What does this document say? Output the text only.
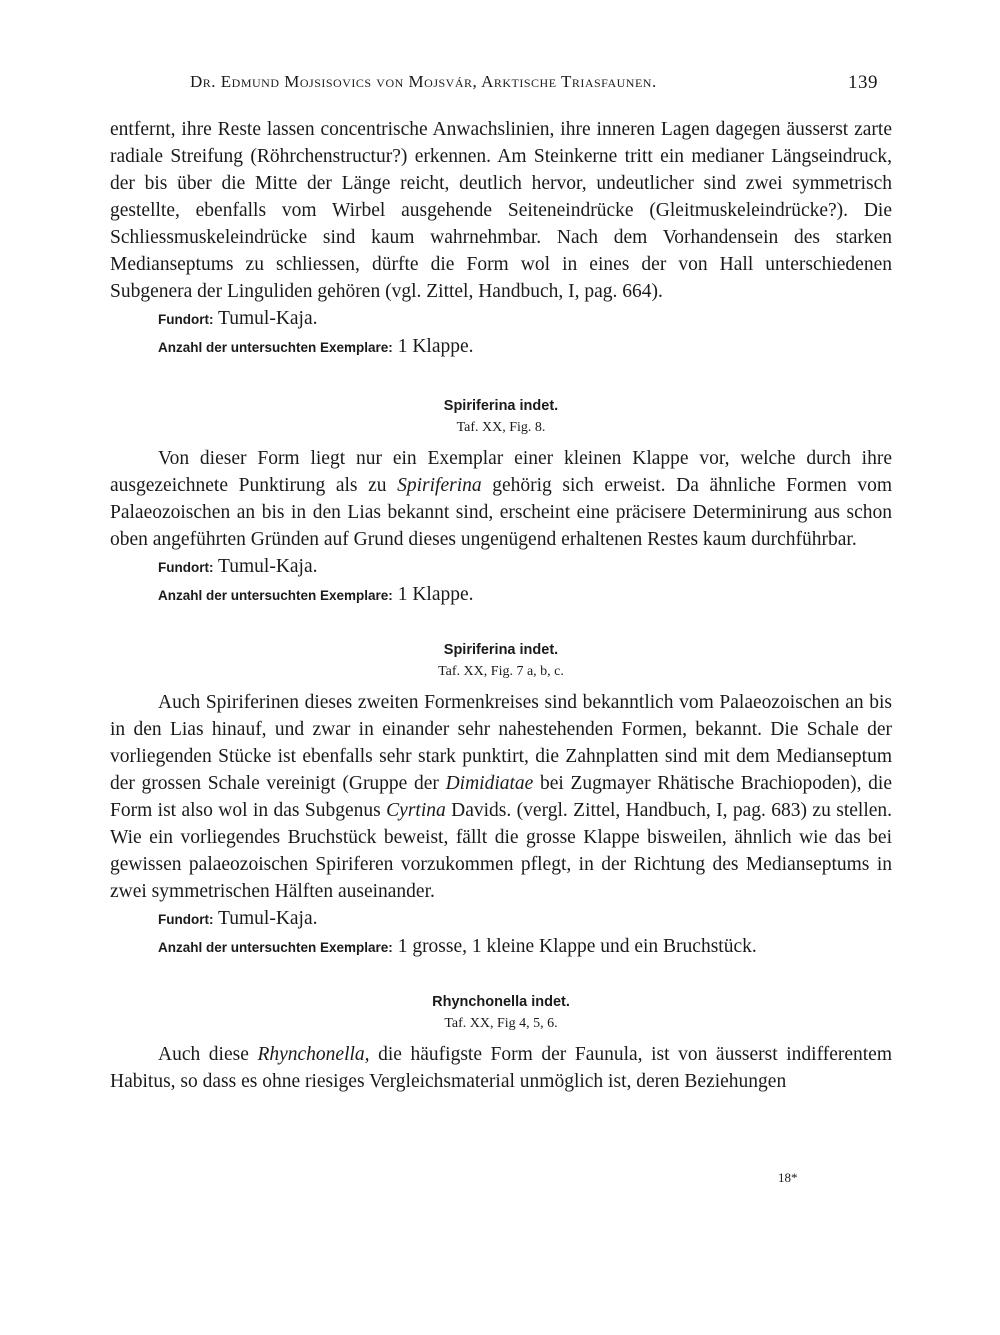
Dr. Edmund Mojsisovics von Mojsvár, Arktische Triasfaunen.	139

entfernt, ihre Reste lassen concentrische Anwachslinien, ihre inneren Lagen dagegen äusserst zarte radiale Streifung (Röhrchenstructur?) erkennen. Am Steinkerne tritt ein medianer Längseindruck, der bis über die Mitte der Länge reicht, deutlich hervor, undeutlicher sind zwei symmetrisch gestellte, ebenfalls vom Wirbel ausgehende Seiteneindrücke (Gleitmuskeleindrücke?). Die Schliessmuskeleindrücke sind kaum wahrnehmbar. Nach dem Vorhandensein des starken Medianseptums zu schliessen, dürfte die Form wol in eines der von Hall unterschiedenen Subgenera der Linguliden gehören (vgl. Zittel, Handbuch, I, pag. 664).

Fundort: Tumul-Kaja.
Anzahl der untersuchten Exemplare: 1 Klappe.
Spiriferina indet.
Taf. XX, Fig. 8.

Von dieser Form liegt nur ein Exemplar einer kleinen Klappe vor, welche durch ihre ausgezeichnete Punktirung als zu Spiriferina gehörig sich erweist. Da ähnliche Formen vom Palaeozoischen an bis in den Lias bekannt sind, erscheint eine präcisere Determinirung aus schon oben angeführten Gründen auf Grund dieses ungenügend erhaltenen Restes kaum durchführbar.

Fundort: Tumul-Kaja.
Anzahl der untersuchten Exemplare: 1 Klappe.
Spiriferina indet.
Taf. XX, Fig. 7 a, b, c.

Auch Spiriferinen dieses zweiten Formenkreises sind bekanntlich vom Palaeozoischen an bis in den Lias hinauf, und zwar in einander sehr nahestehenden Formen, bekannt. Die Schale der vorliegenden Stücke ist ebenfalls sehr stark punktirt, die Zahnplatten sind mit dem Medianseptum der grossen Schale vereinigt (Gruppe der Dimidiatae bei Zugmayer Rhätische Brachiopoden), die Form ist also wol in das Subgenus Cyrtina Davids. (vergl. Zittel, Handbuch, I, pag. 683) zu stellen. Wie ein vorliegendes Bruchstück beweist, fällt die grosse Klappe bisweilen, ähnlich wie das bei gewissen palaeozoischen Spiriferen vorzukommen pflegt, in der Richtung des Medianseptums in zwei symmetrischen Hälften auseinander.

Fundort: Tumul-Kaja.
Anzahl der untersuchten Exemplare: 1 grosse, 1 kleine Klappe und ein Bruchstück.
Rhynchonella indet.
Taf. XX, Fig 4, 5, 6.

Auch diese Rhynchonella, die häufigste Form der Faunula, ist von äusserst indifferentem Habitus, so dass es ohne riesiges Vergleichsmaterial unmöglich ist, deren Beziehungen

18*
